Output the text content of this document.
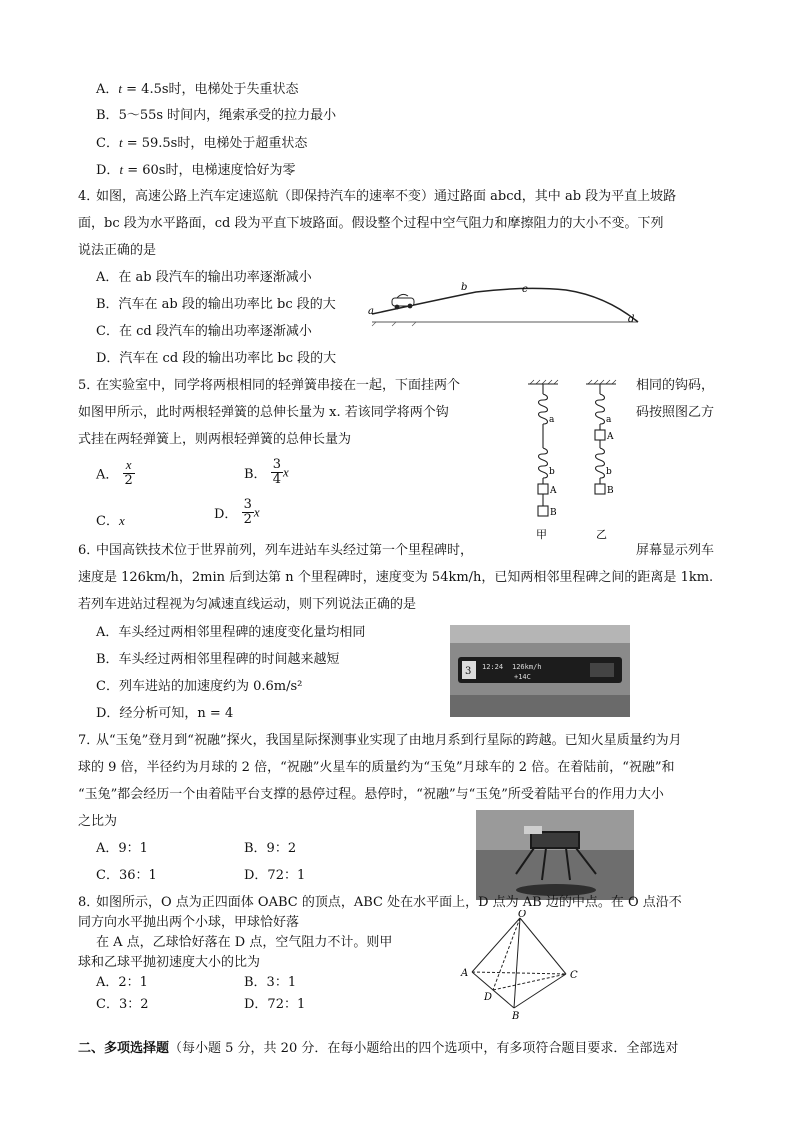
A．t = 4.5s时，电梯处于失重状态
B．5～55s 时间内，绳索承受的拉力最小
C．t = 59.5s时，电梯处于超重状态
D．t = 60s时，电梯速度恰好为零
4．
如图，高速公路上汽车定速巡航（即保持汽车的速率不变）通过路面 abcd，其中 ab 段为平直上坡路
面，bc 段为水平路面，cd 段为平直下坡路面。假设整个过程中空气阻力和摩擦阻力的大小不变。下列
说法正确的是
A．在 ab 段汽车的输出功率逐渐减小
B．汽车在 ab 段的输出功率比 bc 段的大
C．在 cd 段汽车的输出功率逐渐减小
D．汽车在 cd 段的输出功率比 bc 段的大
a
b	c
d
5．
在实验室中，同学将两根相同的轻弹簧串接在一起，下面挂两个	相同的钩码，
如图甲所示，此时两根轻弹簧的总伸长量为 x. 若该同学将两个钩	码按照图乙方
式挂在两轻弹簧上，则两根轻弹簧的总伸长量为
A． $\frac{x}{2}$	B． $\frac{3}{4}$ x
C．x	D． $\frac{3}{2}$ x
a
b
A
B
甲
a
A
b
B
乙
6．
中国高铁技术位于世界前列，列车进站车头经过第一个里程碑时，	屏幕显示列车
速度是 126km/h，2min 后到达第 n 个里程碑时，速度变为 54km/h，已知两相邻里程碑之间的距离是 1km.
若列车进站过程视为匀减速直线运动，则下列说法正确的是
A．车头经过两相邻里程碑的速度变化量均相同
B．车头经过两相邻里程碑的时间越来越短
C．列车进站的加速度约为 0.6m/s²
D．经分析可知，n = 4
3 12:24 126km/h
+14C
7．
从“玉兔”登月到“祝融”探火，我国星际探测事业实现了由地月系到行星际的跨越。已知火星质量约为月
球的 9 倍，半径约为月球的 2 倍，“祝融”火星车的质量约为“玉兔”月球车的 2 倍。在着陆前，“祝融”和
“玉兔”都会经历一个由着陆平台支撑的悬停过程。悬停时，“祝融”与“玉兔”所受着陆平台的作用力大小
之比为
A．9：1	B．9：2
C．36：1	D．72：1
8．
如图所示，O 点为正四面体 OABC 的顶点，ABC 处在水平面上，D 点为 AB 边的中点。在 O 点沿不
同方向水平抛出两个小球，甲球恰好落
在 A 点，乙球恰好落在 D 点，空气阻力不计。则甲
球和乙球平抛初速度大小的比为
A．2：1	B．3：1
C．3：2	D．72：1
O
A	C
D
B
二、多项选择题（每小题 5 分，共 20 分．在每小题给出的四个选项中，有多项符合题目要求．全部选对
